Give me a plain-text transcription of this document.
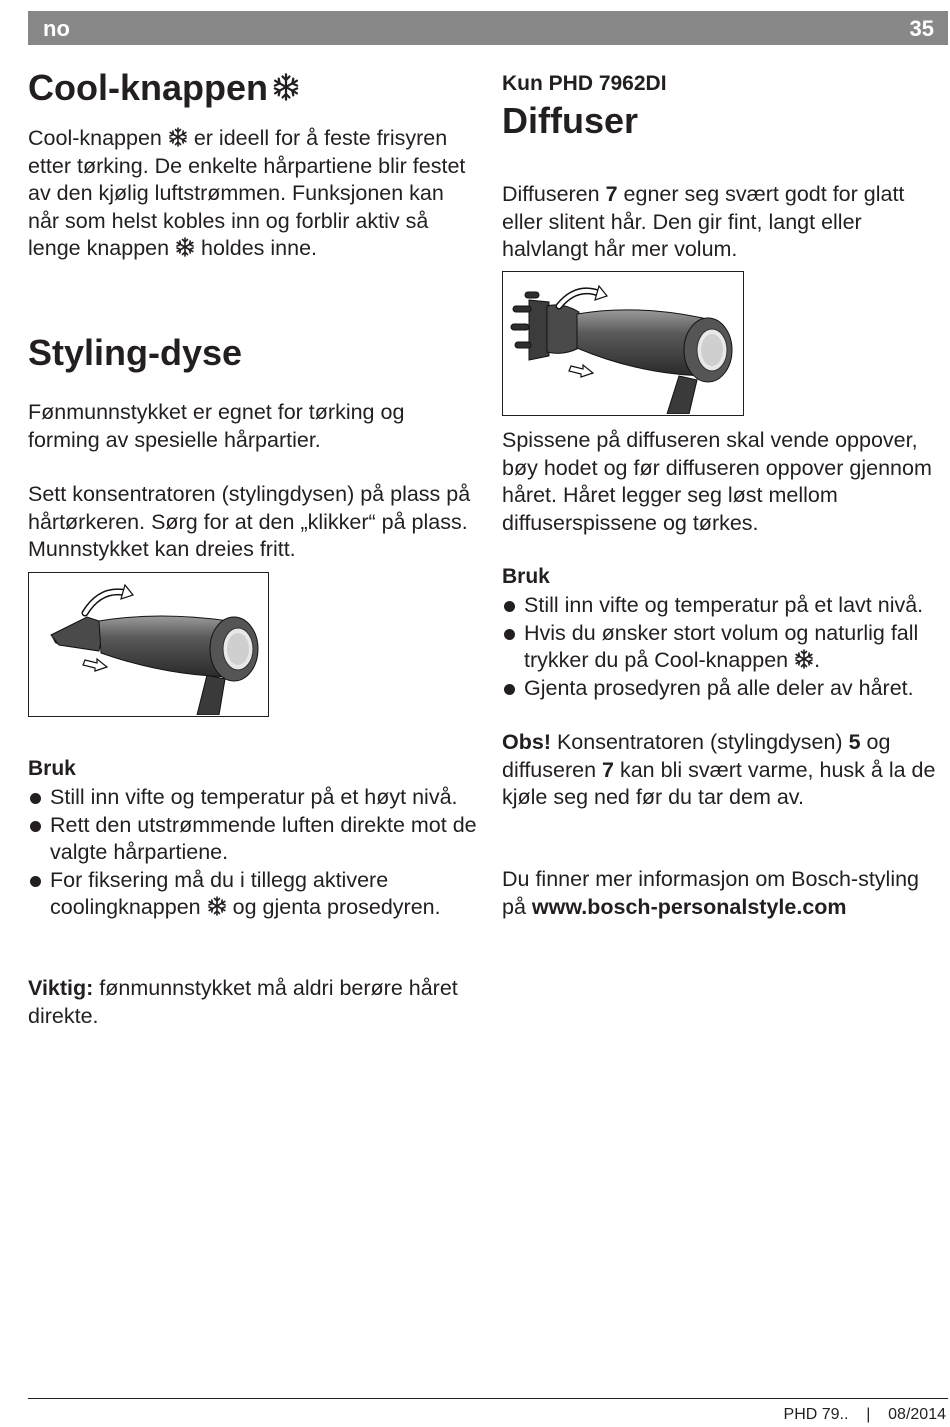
no	35
Cool-knappen

Cool-knappen er ideell for å feste frisyren etter tørking. De enkelte hårpartiene blir festet av den kjølig luftstrømmen. Funksjonen kan når som helst kobles inn og forblir aktiv så lenge knappen holdes inne.

Styling-dyse

Fønmunnstykket er egnet for tørking og forming av spesielle hårpartier.

Sett konsentratoren (stylingdysen) på plass på hårtørkeren. Sørg for at den „klikker“ på plass. Munnstykket kan dreies fritt.

Bruk
Still inn vifte og temperatur på et høyt nivå.
Rett den utstrømmende luften direkte mot de valgte hårpartiene.
For fiksering må du i tillegg aktivere coolingknappen og gjenta prosedyren.

Viktig: fønmunnstykket må aldri berøre håret direkte.

Kun PHD 7962DI
Diffuser

Diffuseren 7 egner seg svært godt for glatt eller slitent hår. Den gir fint, langt eller halvlangt hår mer volum.

Spissene på diffuseren skal vende oppover, bøy hodet og før diffuseren oppover gjennom håret. Håret legger seg løst mellom diffuserspissene og tørkes.

Bruk
Still inn vifte og temperatur på et lavt nivå.
Hvis du ønsker stort volum og naturlig fall trykker du på Cool-knappen .
Gjenta prosedyren på alle deler av håret.

Obs! Konsentratoren (stylingdysen) 5 og diffuseren 7 kan bli svært varme, husk å la de kjøle seg ned før du tar dem av.

Du finner mer informasjon om Bosch-styling på www.bosch-personalstyle.com

PHD 79.. | 08/2014
